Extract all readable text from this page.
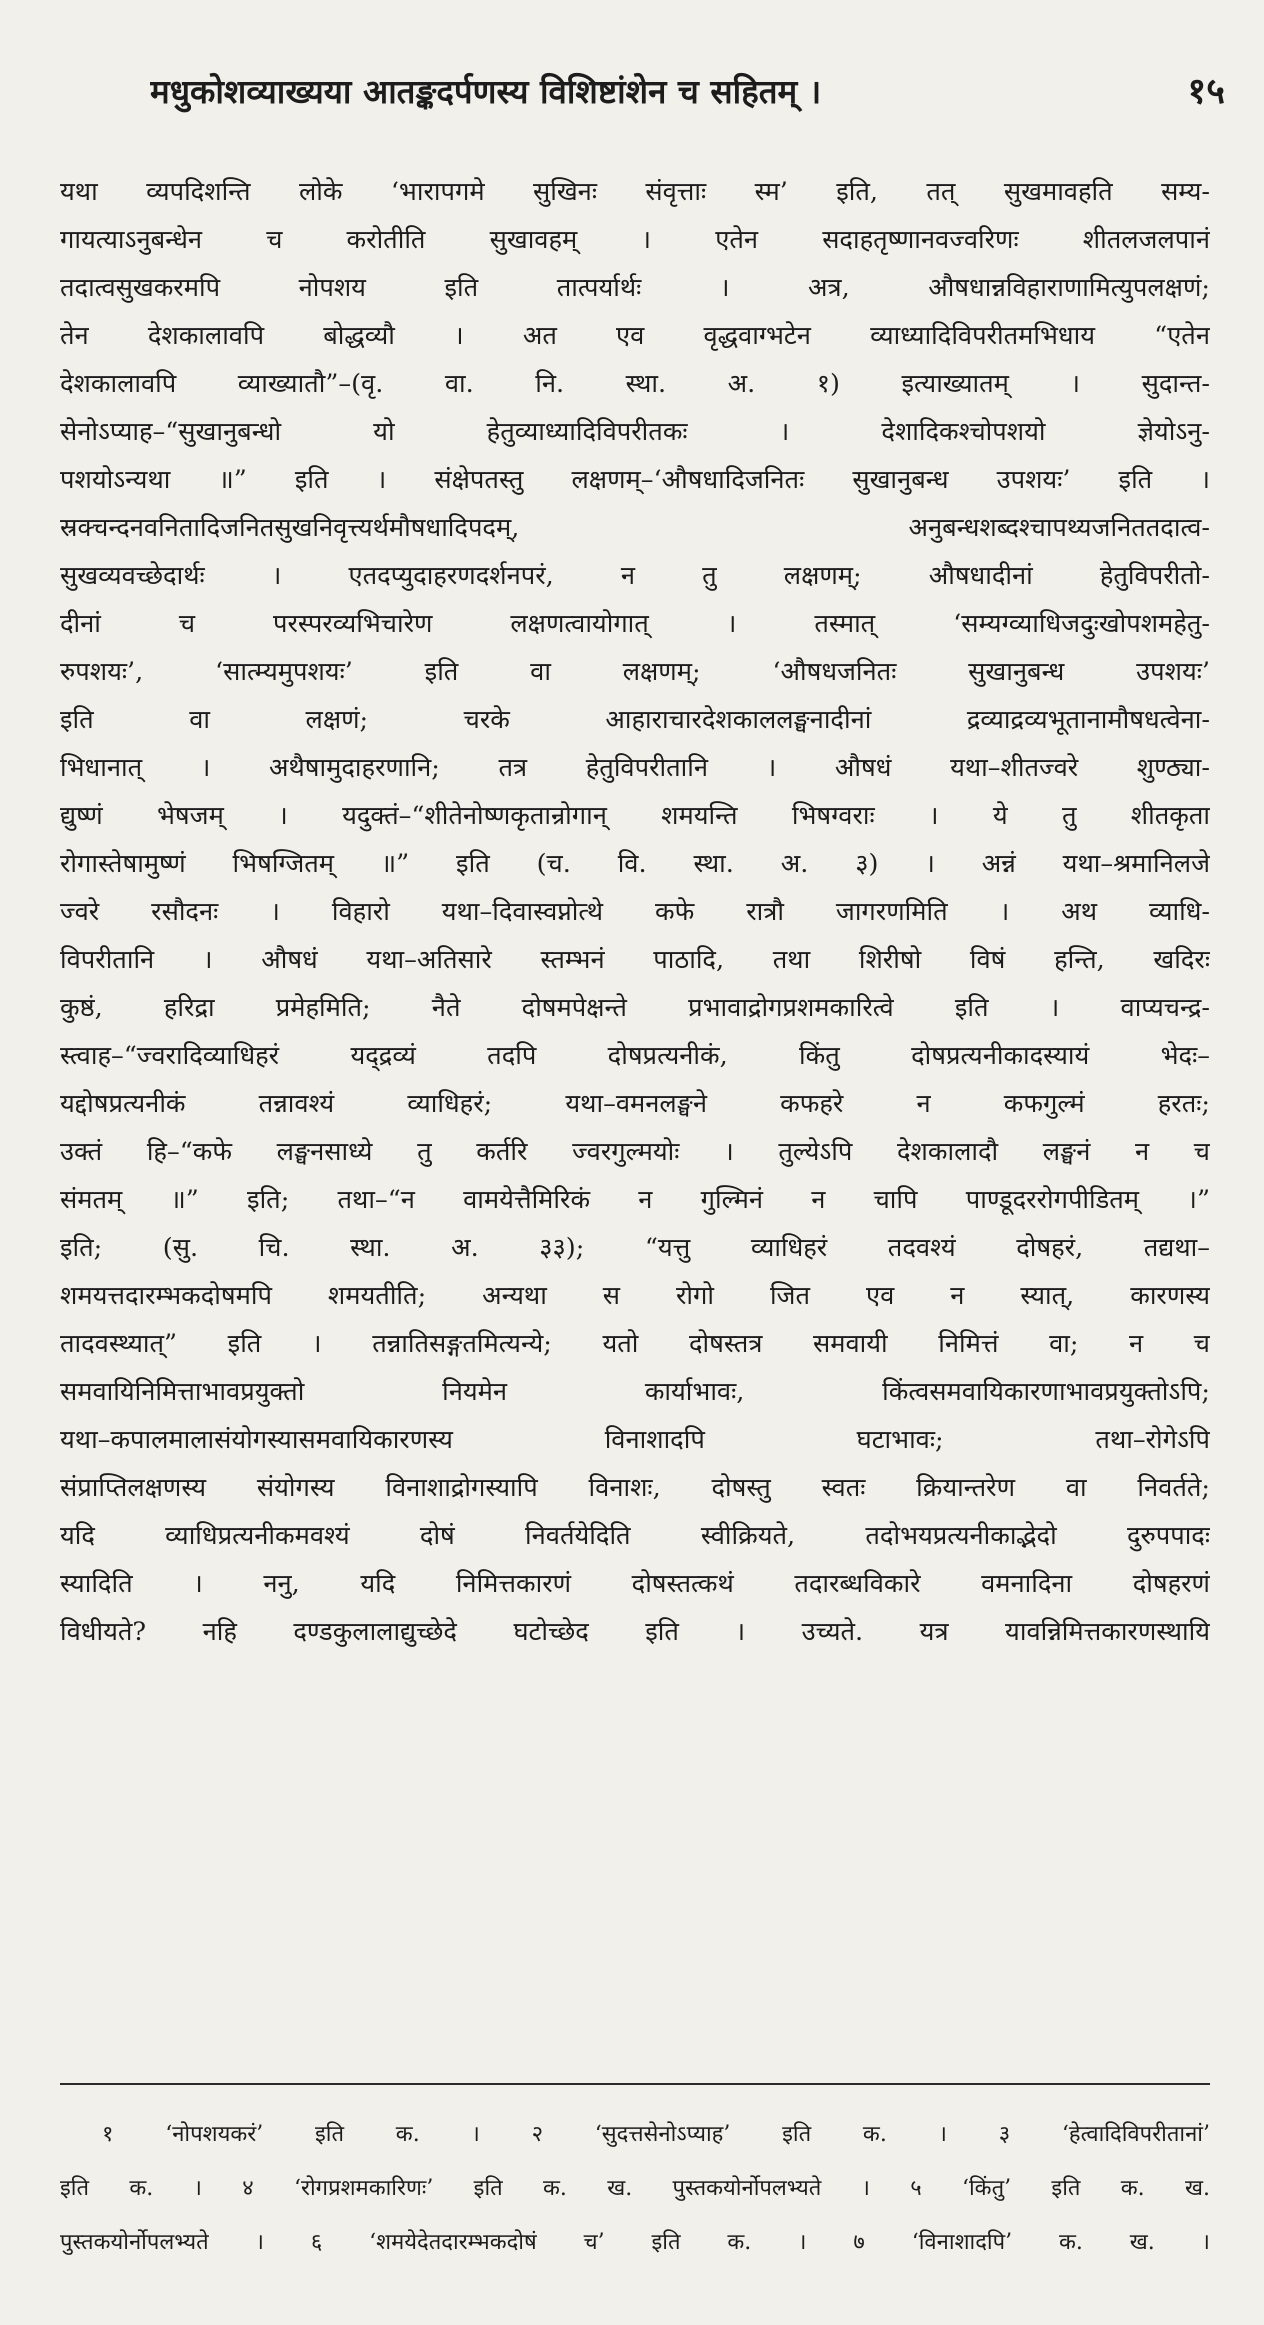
मधुकोशव्याख्यया आतङ्कदर्पणस्य विशिष्टांशेन च सहितम् ।	१५
यथा व्यपदिशन्ति लोके ‘भारापगमे सुखिनः संवृत्ताः स्म’ इति, तत् सुखमावहति सम्य-
गायत्याऽनुबन्धेन च करोतीति सुखावहम् । एतेन सदाहतृष्णानवज्वरिणः शीतलजलपानं
तदात्वसुखकरमपि नोपशय इति तात्पर्यार्थः । अत्र, औषधान्नविहाराणामित्युपलक्षणं;
तेन देशकालावपि बोद्धव्यौ । अत एव वृद्धवाग्भटेन व्याध्यादिविपरीतमभिधाय “एतेन
देशकालावपि व्याख्यातौ”–(वृ. वा. नि. स्था. अ. १) इत्याख्यातम् । सुदान्त-
सेनोऽप्याह–“सुखानुबन्धो यो हेतुव्याध्यादिविपरीतकः । देशादिकश्चोपशयो ज्ञेयोऽनु-
पशयोऽन्यथा ॥” इति । संक्षेपतस्तु लक्षणम्–‘औषधादिजनितः सुखानुबन्ध उपशयः’ इति ।
स्रक्चन्दनवनितादिजनितसुखनिवृत्त्यर्थमौषधादिपदम्, अनुबन्धशब्दश्चापथ्यजनिततदात्व-
सुखव्यवच्छेदार्थः । एतदप्युदाहरणदर्शनपरं, न तु लक्षणम्; औषधादीनां हेतुविपरीतो-
दीनां च परस्परव्यभिचारेण लक्षणत्वायोगात् । तस्मात् ‘सम्यग्व्याधिजदुःखोपशमहेतु-
रुपशयः’, ‘सात्म्यमुपशयः’ इति वा लक्षणम्; ‘औषधजनितः सुखानुबन्ध उपशयः’
इति वा लक्षणं; चरके आहाराचारदेशकाललङ्घनादीनां द्रव्याद्रव्यभूतानामौषधत्वेना-
भिधानात् । अथैषामुदाहरणानि; तत्र हेतुविपरीतानि । औषधं यथा–शीतज्वरे शुण्ठ्या-
द्युष्णं भेषजम् । यदुक्तं–“शीतेनोष्णकृतान्रोगान् शमयन्ति भिषग्वराः । ये तु शीतकृता
रोगास्तेषामुष्णं भिषग्जितम् ॥” इति (च. वि. स्था. अ. ३) । अन्नं यथा–श्रमानिलजे
ज्वरे रसौदनः । विहारो यथा–दिवास्वप्नोत्थे कफे रात्रौ जागरणमिति । अथ व्याधि-
विपरीतानि । औषधं यथा–अतिसारे स्तम्भनं पाठादि, तथा शिरीषो विषं हन्ति, खदिरः
कुष्ठं, हरिद्रा प्रमेहमिति; नैते दोषमपेक्षन्ते प्रभावाद्रोगप्रशमकारित्वे इति । वाप्यचन्द्र-
स्त्वाह–“ज्वरादिव्याधिहरं यद्द्रव्यं तदपि दोषप्रत्यनीकं, किंतु दोषप्रत्यनीकादस्यायं भेदः–
यद्दोषप्रत्यनीकं तन्नावश्यं व्याधिहरं; यथा–वमनलङ्घने कफहरे न कफगुल्मं हरतः;
उक्तं हि–“कफे लङ्घनसाध्ये तु कर्तरि ज्वरगुल्मयोः । तुल्येऽपि देशकालादौ लङ्घनं न च
संमतम् ॥” इति; तथा–“न वामयेत्तैमिरिकं न गुल्मिनं न चापि पाण्डूदररोगपीडितम् ।”
इति; (सु. चि. स्था. अ. ३३); “यत्तु व्याधिहरं तदवश्यं दोषहरं, तद्यथा–
शमयत्तदारम्भकदोषमपि शमयतीति; अन्यथा स रोगो जित एव न स्यात्, कारणस्य
तादवस्थ्यात्” इति । तन्नातिसङ्गतमित्यन्ये; यतो दोषस्तत्र समवायी निमित्तं वा; न च
समवायिनिमित्ताभावप्रयुक्तो नियमेन कार्याभावः, किंत्वसमवायिकारणाभावप्रयुक्तोऽपि;
यथा–कपालमालासंयोगस्यासमवायिकारणस्य विनाशादपि घटाभावः; तथा–रोगेऽपि
संप्राप्तिलक्षणस्य संयोगस्य विनाशाद्रोगस्यापि विनाशः, दोषस्तु स्वतः क्रियान्तरेण वा निवर्तते;
यदि व्याधिप्रत्यनीकमवश्यं दोषं निवर्तयेदिति स्वीक्रियते, तदोभयप्रत्यनीकाद्भेदो दुरुपपादः
स्यादिति । ननु, यदि निमित्तकारणं दोषस्तत्कथं तदारब्धविकारे वमनादिना दोषहरणं
विधीयते? नहि दण्डकुलालाद्युच्छेदे घटोच्छेद इति । उच्यते. यत्र यावन्निमित्तकारणस्थायि
१ ‘नोपशयकरं’ इति क. । २ ‘सुदत्तसेनोऽप्याह’ इति क. । ३ ‘हेत्वादिविपरीतानां’
इति क. । ४ ‘रोगप्रशमकारिणः’ इति क. ख. पुस्तकयोर्नोपलभ्यते । ५ ‘किंतु’ इति क. ख.
पुस्तकयोर्नोपलभ्यते । ६ ‘शमयेदेतदारम्भकदोषं च’ इति क. । ७ ‘विनाशादपि’ क. ख. ।
